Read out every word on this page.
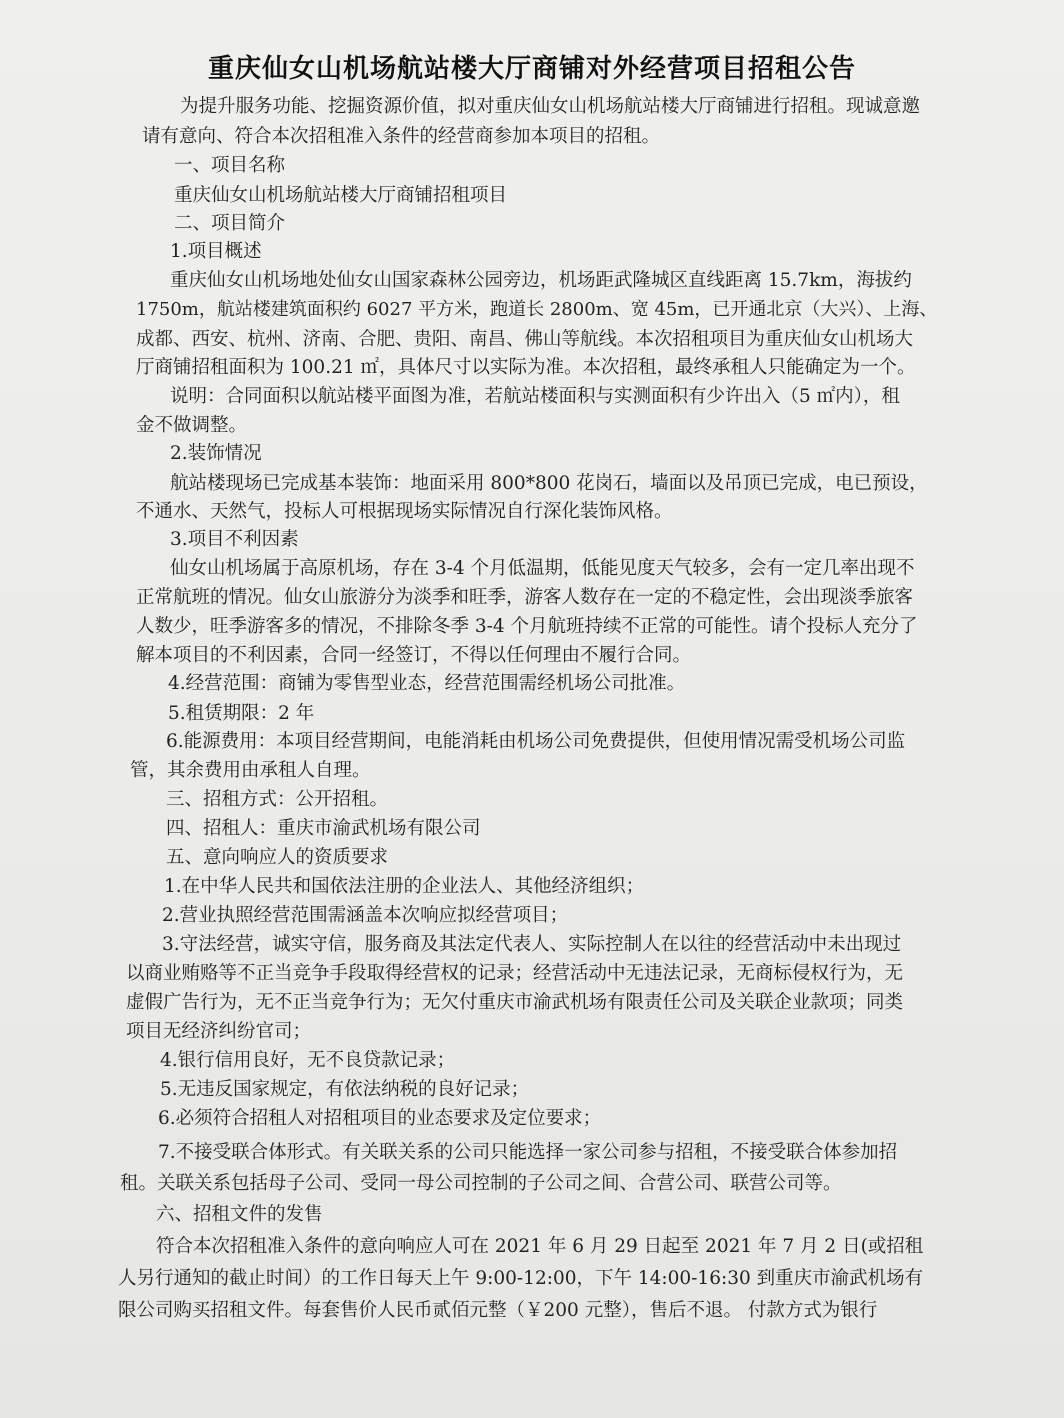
重庆仙女山机场航站楼大厅商铺对外经营项目招租公告
为提升服务功能、挖掘资源价值，拟对重庆仙女山机场航站楼大厅商铺进行招租。现诚意邀
请有意向、符合本次招租准入条件的经营商参加本项目的招租。
一、项目名称
重庆仙女山机场航站楼大厅商铺招租项目
二、项目简介
1.项目概述
重庆仙女山机场地处仙女山国家森林公园旁边，机场距武隆城区直线距离 15.7km，海拔约
1750m，航站楼建筑面积约 6027 平方米，跑道长 2800m、宽 45m，已开通北京（大兴）、上海、
成都、西安、杭州、济南、合肥、贵阳、南昌、佛山等航线。本次招租项目为重庆仙女山机场大
厅商铺招租面积为 100.21 ㎡，具体尺寸以实际为准。本次招租，最终承租人只能确定为一个。
说明：合同面积以航站楼平面图为准，若航站楼面积与实测面积有少许出入（5 ㎡内），租
金不做调整。
2.装饰情况
航站楼现场已完成基本装饰：地面采用 800*800 花岗石，墙面以及吊顶已完成，电已预设，
不通水、天然气，投标人可根据现场实际情况自行深化装饰风格。
3.项目不利因素
仙女山机场属于高原机场，存在 3-4 个月低温期，低能见度天气较多，会有一定几率出现不
正常航班的情况。仙女山旅游分为淡季和旺季，游客人数存在一定的不稳定性，会出现淡季旅客
人数少，旺季游客多的情况，不排除冬季 3-4 个月航班持续不正常的可能性。请个投标人充分了
解本项目的不利因素，合同一经签订，不得以任何理由不履行合同。
4.经营范围：商铺为零售型业态，经营范围需经机场公司批准。
5.租赁期限：2 年
6.能源费用：本项目经营期间，电能消耗由机场公司免费提供，但使用情况需受机场公司监
管，其余费用由承租人自理。
三、招租方式：公开招租。
四、招租人：重庆市渝武机场有限公司
五、意向响应人的资质要求
1.在中华人民共和国依法注册的企业法人、其他经济组织；
2.营业执照经营范围需涵盖本次响应拟经营项目；
3.守法经营，诚实守信，服务商及其法定代表人、实际控制人在以往的经营活动中未出现过
以商业贿赂等不正当竞争手段取得经营权的记录；经营活动中无违法记录，无商标侵权行为，无
虚假广告行为，无不正当竞争行为；无欠付重庆市渝武机场有限责任公司及关联企业款项；同类
项目无经济纠纷官司；
4.银行信用良好，无不良贷款记录；
5.无违反国家规定，有依法纳税的良好记录；
6.必须符合招租人对招租项目的业态要求及定位要求；
7.不接受联合体形式。有关联关系的公司只能选择一家公司参与招租，不接受联合体参加招
租。关联关系包括母子公司、受同一母公司控制的子公司之间、合营公司、联营公司等。
六、招租文件的发售
符合本次招租准入条件的意向响应人可在 2021 年 6 月 29 日起至 2021 年 7 月 2 日(或招租
人另行通知的截止时间）的工作日每天上午 9:00-12:00，下午 14:00-16:30 到重庆市渝武机场有
限公司购买招租文件。每套售价人民币贰佰元整（￥200 元整），售后不退。 付款方式为银行
